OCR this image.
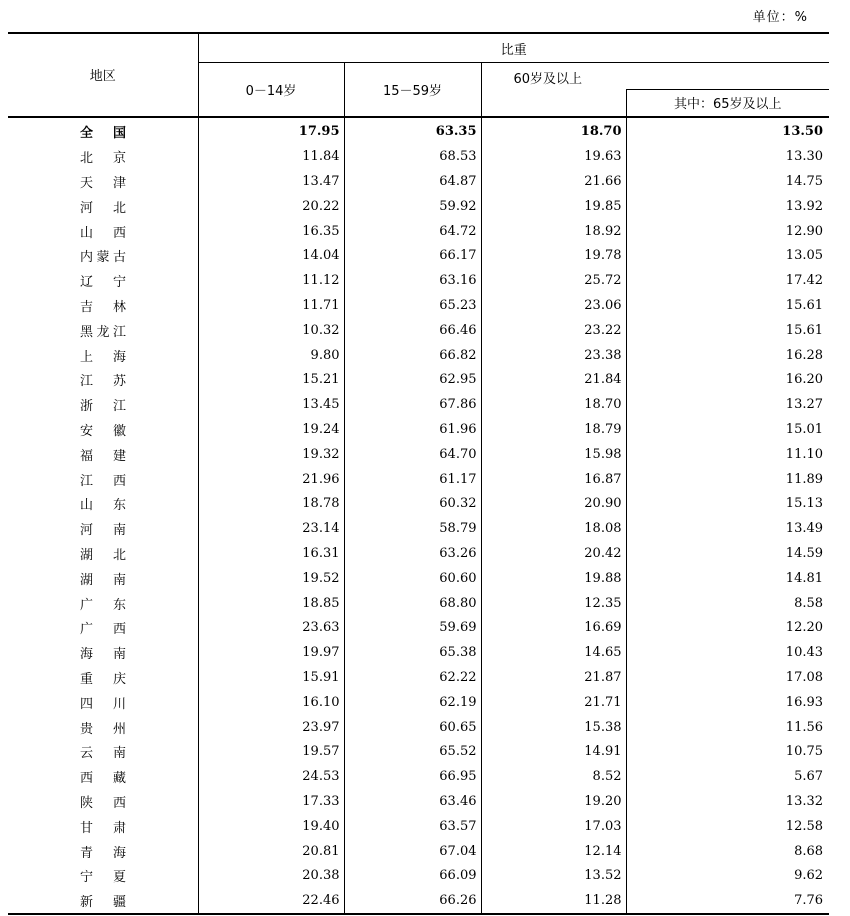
单位：%
地区	比重			
	0－14岁	15－59岁	60岁及以上	

				其中：65岁及以上
全 国	17.95	63.35	18.70	13.50
北 京	11.84	68.53	19.63	13.30
天 津	13.47	64.87	21.66	14.75
河 北	20.22	59.92	19.85	13.92
山 西	16.35	64.72	18.92	12.90
内蒙古	14.04	66.17	19.78	13.05
辽 宁	11.12	63.16	25.72	17.42
吉 林	11.71	65.23	23.06	15.61
黑龙江	10.32	66.46	23.22	15.61
上 海	9.80	66.82	23.38	16.28
江 苏	15.21	62.95	21.84	16.20
浙 江	13.45	67.86	18.70	13.27
安 徽	19.24	61.96	18.79	15.01
福 建	19.32	64.70	15.98	11.10
江 西	21.96	61.17	16.87	11.89
山 东	18.78	60.32	20.90	15.13
河 南	23.14	58.79	18.08	13.49
湖 北	16.31	63.26	20.42	14.59
湖 南	19.52	60.60	19.88	14.81
广 东	18.85	68.80	12.35	8.58
广 西	23.63	59.69	16.69	12.20
海 南	19.97	65.38	14.65	10.43
重 庆	15.91	62.22	21.87	17.08
四 川	16.10	62.19	21.71	16.93
贵 州	23.97	60.65	15.38	11.56
云 南	19.57	65.52	14.91	10.75
西 藏	24.53	66.95	8.52	5.67
陕 西	17.33	63.46	19.20	13.32
甘 肃	19.40	63.57	17.03	12.58
青 海	20.81	67.04	12.14	8.68
宁 夏	20.38	66.09	13.52	9.62
新 疆	22.46	66.26	11.28	7.76
